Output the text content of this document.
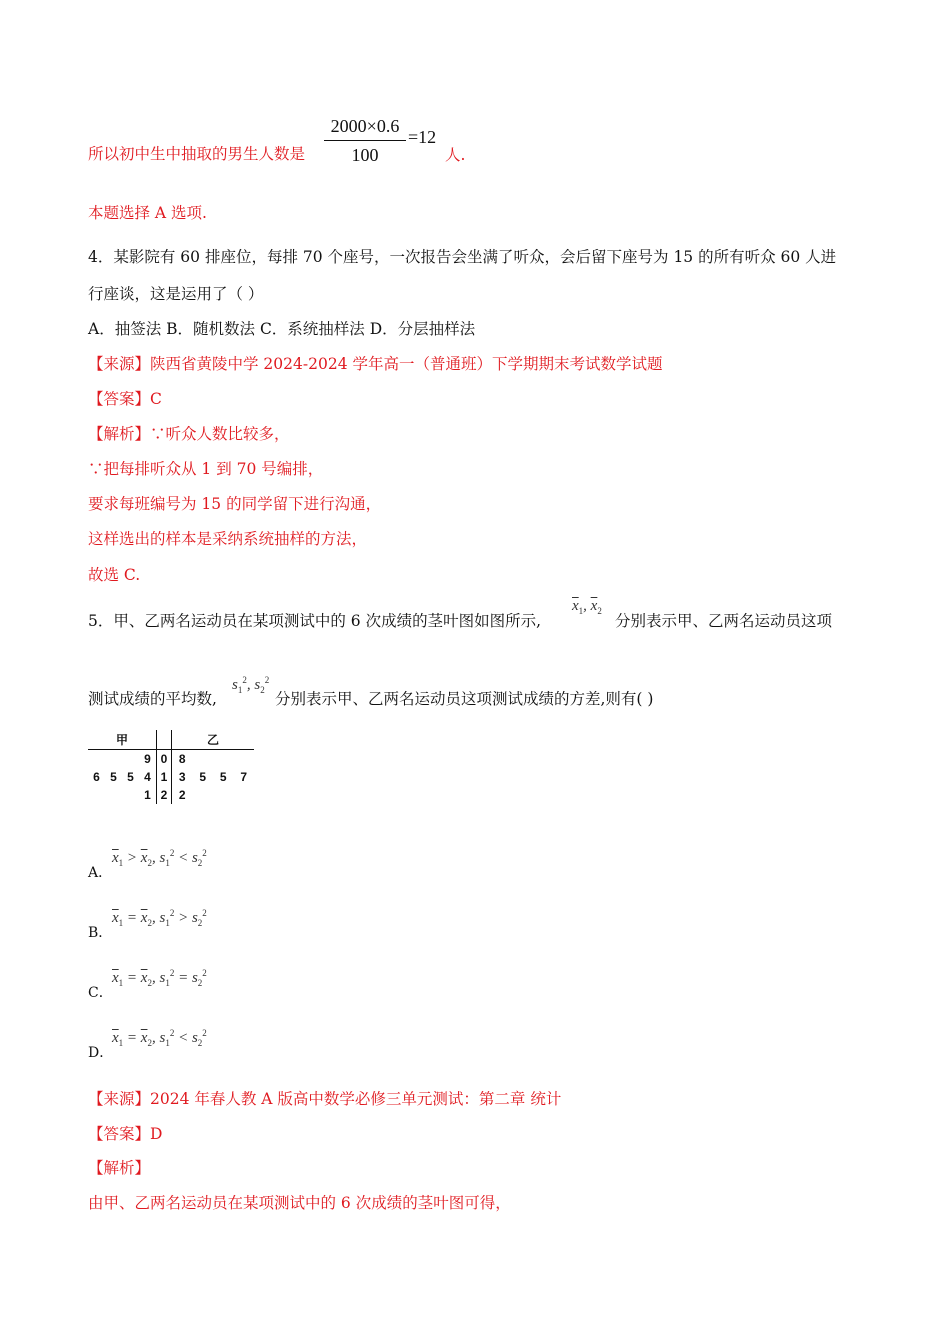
2000×0.6
100
=12
所以初中生中抽取的男生人数是	人.
本题选择 A 选项.
4．某影院有 60 排座位，每排 70 个座号，一次报告会坐满了听众，会后留下座号为 15 的所有听众 60 人进
行座谈，这是运用了（ ）
A．抽签法 B．随机数法 C．系统抽样法 D．分层抽样法
【来源】陕西省黄陵中学 2024-2024 学年高一（普通班）下学期期末考试数学试题
【答案】C
【解析】∵听众人数比较多，
∵把每排听众从 1 到 70 号编排，
要求每班编号为 15 的同学留下进行沟通，
这样选出的样本是采纳系统抽样的方法，
故选 C.
5．甲、乙两名运动员在某项测试中的 6 次成绩的茎叶图如图所示,
$\overline{x}_1$, $\overline{x}_2$
分别表示甲、乙两名运动员这项
测试成绩的平均数,
$s_1^2$, $s_2^2$
分别表示甲、乙两名运动员这项测试成绩的方差,则有( )
甲					乙			
			9	0	8			
6	5	5	4	1	3	5	5	7
			1	2	2			
A．
$\overline{x}_1 > \overline{x}_2$, $s_1^2 < s_2^2$
B．
$\overline{x}_1 = \overline{x}_2$, $s_1^2 > s_2^2$
C．
$\overline{x}_1 = \overline{x}_2$, $s_1^2 = s_2^2$
D．
$\overline{x}_1 = \overline{x}_2$, $s_1^2 < s_2^2$
【来源】2024 年春人教 A 版高中数学必修三单元测试：第二章 统计
【答案】D
【解析】
由甲、乙两名运动员在某项测试中的 6 次成绩的茎叶图可得，
